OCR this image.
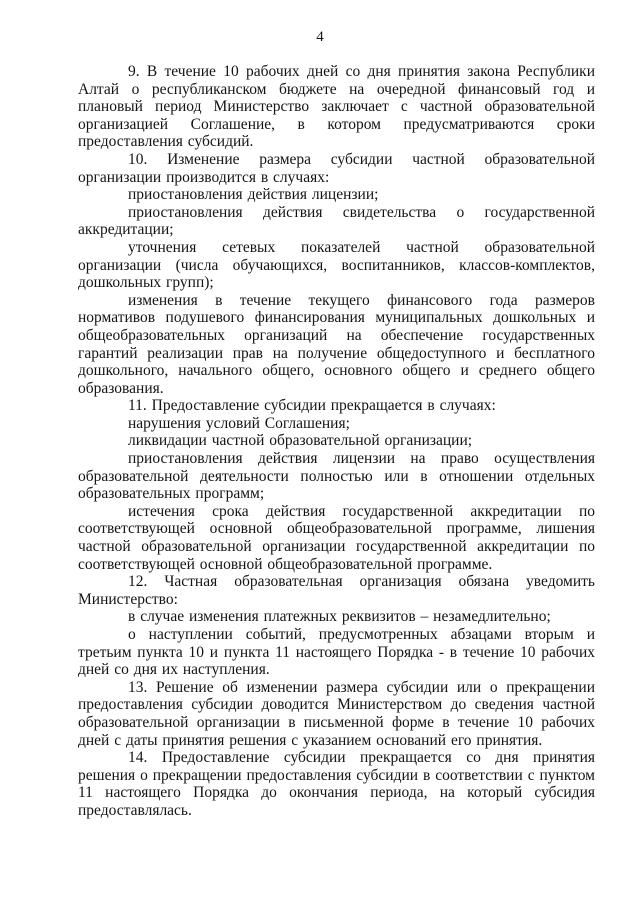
4

9. В течение 10 рабочих дней со дня принятия закона Республики Алтай о республиканском бюджете на очередной финансовый год и плановый период Министерство заключает с частной образовательной организацией Соглашение, в котором предусматриваются сроки предоставления субсидий.

10. Изменение размера субсидии частной образовательной организации производится в случаях:

приостановления действия лицензии;

приостановления действия свидетельства о государственной аккредитации;

уточнения сетевых показателей частной образовательной организации (числа обучающихся, воспитанников, классов-комплектов, дошкольных групп);

изменения в течение текущего финансового года размеров нормативов подушевого финансирования муниципальных дошкольных и общеобразовательных организаций на обеспечение государственных гарантий реализации прав на получение общедоступного и бесплатного дошкольного, начального общего, основного общего и среднего общего образования.

11. Предоставление субсидии прекращается в случаях:

нарушения условий Соглашения;

ликвидации частной образовательной организации;

приостановления действия лицензии на право осуществления образовательной деятельности полностью или в отношении отдельных образовательных программ;

истечения срока действия государственной аккредитации по соответствующей основной общеобразовательной программе, лишения частной образовательной организации государственной аккредитации по соответствующей основной общеобразовательной программе.

12. Частная образовательная организация обязана уведомить Министерство:

в случае изменения платежных реквизитов – незамедлительно;

о наступлении событий, предусмотренных абзацами вторым и третьим пункта 10 и пункта 11 настоящего Порядка - в течение 10 рабочих дней со дня их наступления.

13. Решение об изменении размера субсидии или о прекращении предоставления субсидии доводится Министерством до сведения частной образовательной организации в письменной форме в течение 10 рабочих дней с даты принятия решения с указанием оснований его принятия.

14. Предоставление субсидии прекращается со дня принятия решения о прекращении предоставления субсидии в соответствии с пунктом 11 настоящего Порядка до окончания периода, на который субсидия предоставлялась.
